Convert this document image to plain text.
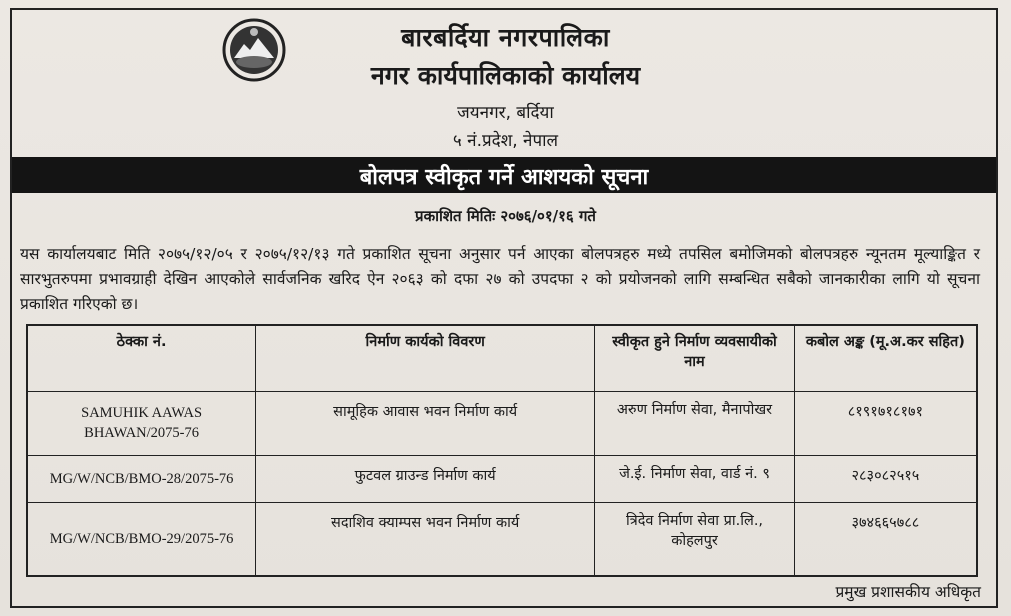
बारबर्दिया नगरपालिका
नगर कार्यपालिकाको कार्यालय
जयनगर, बर्दिया
५ नं.प्रदेश, नेपाल
बोलपत्र स्वीकृत गर्ने आशयको सूचना
प्रकाशित मितिः २०७६/०१/१६ गते
यस कार्यालयबाट मिति २०७५/१२/०५ र २०७५/१२/१३ गते प्रकाशित सूचना अनुसार पर्न आएका बोलपत्रहरु मध्ये तपसिल बमोजिमको बोलपत्रहरु न्यूनतम मूल्याङ्कित र सारभुतरुपमा प्रभावग्राही देखिन आएकोले सार्वजनिक खरिद ऐन २०६३ को दफा २७ को उपदफा २ को प्रयोजनको लागि सम्बन्धित सबैको जानकारीका लागि यो सूचना प्रकाशित गरिएको छ।
ठेक्का नं.	निर्माण कार्यको विवरण	स्वीकृत हुने निर्माण व्यवसायीको नाम	कबोल अङ्क (मू.अ.कर सहित)
SAMUHIK AAWAS BHAWAN/2075-76	सामूहिक आवास भवन निर्माण कार्य	अरुण निर्माण सेवा, मैनापोखर	८१९१७१८१७१
MG/W/NCB/BMO-28/2075-76	फुटवल ग्राउन्ड निर्माण कार्य	जे.ई. निर्माण सेवा, वार्ड नं. ९	२८३०८२५१५
MG/W/NCB/BMO-29/2075-76	सदाशिव क्याम्पस भवन निर्माण कार्य	त्रिदेव निर्माण सेवा प्रा.लि., कोहलपुर	३७४६६५७८८
प्रमुख प्रशासकीय अधिकृत
